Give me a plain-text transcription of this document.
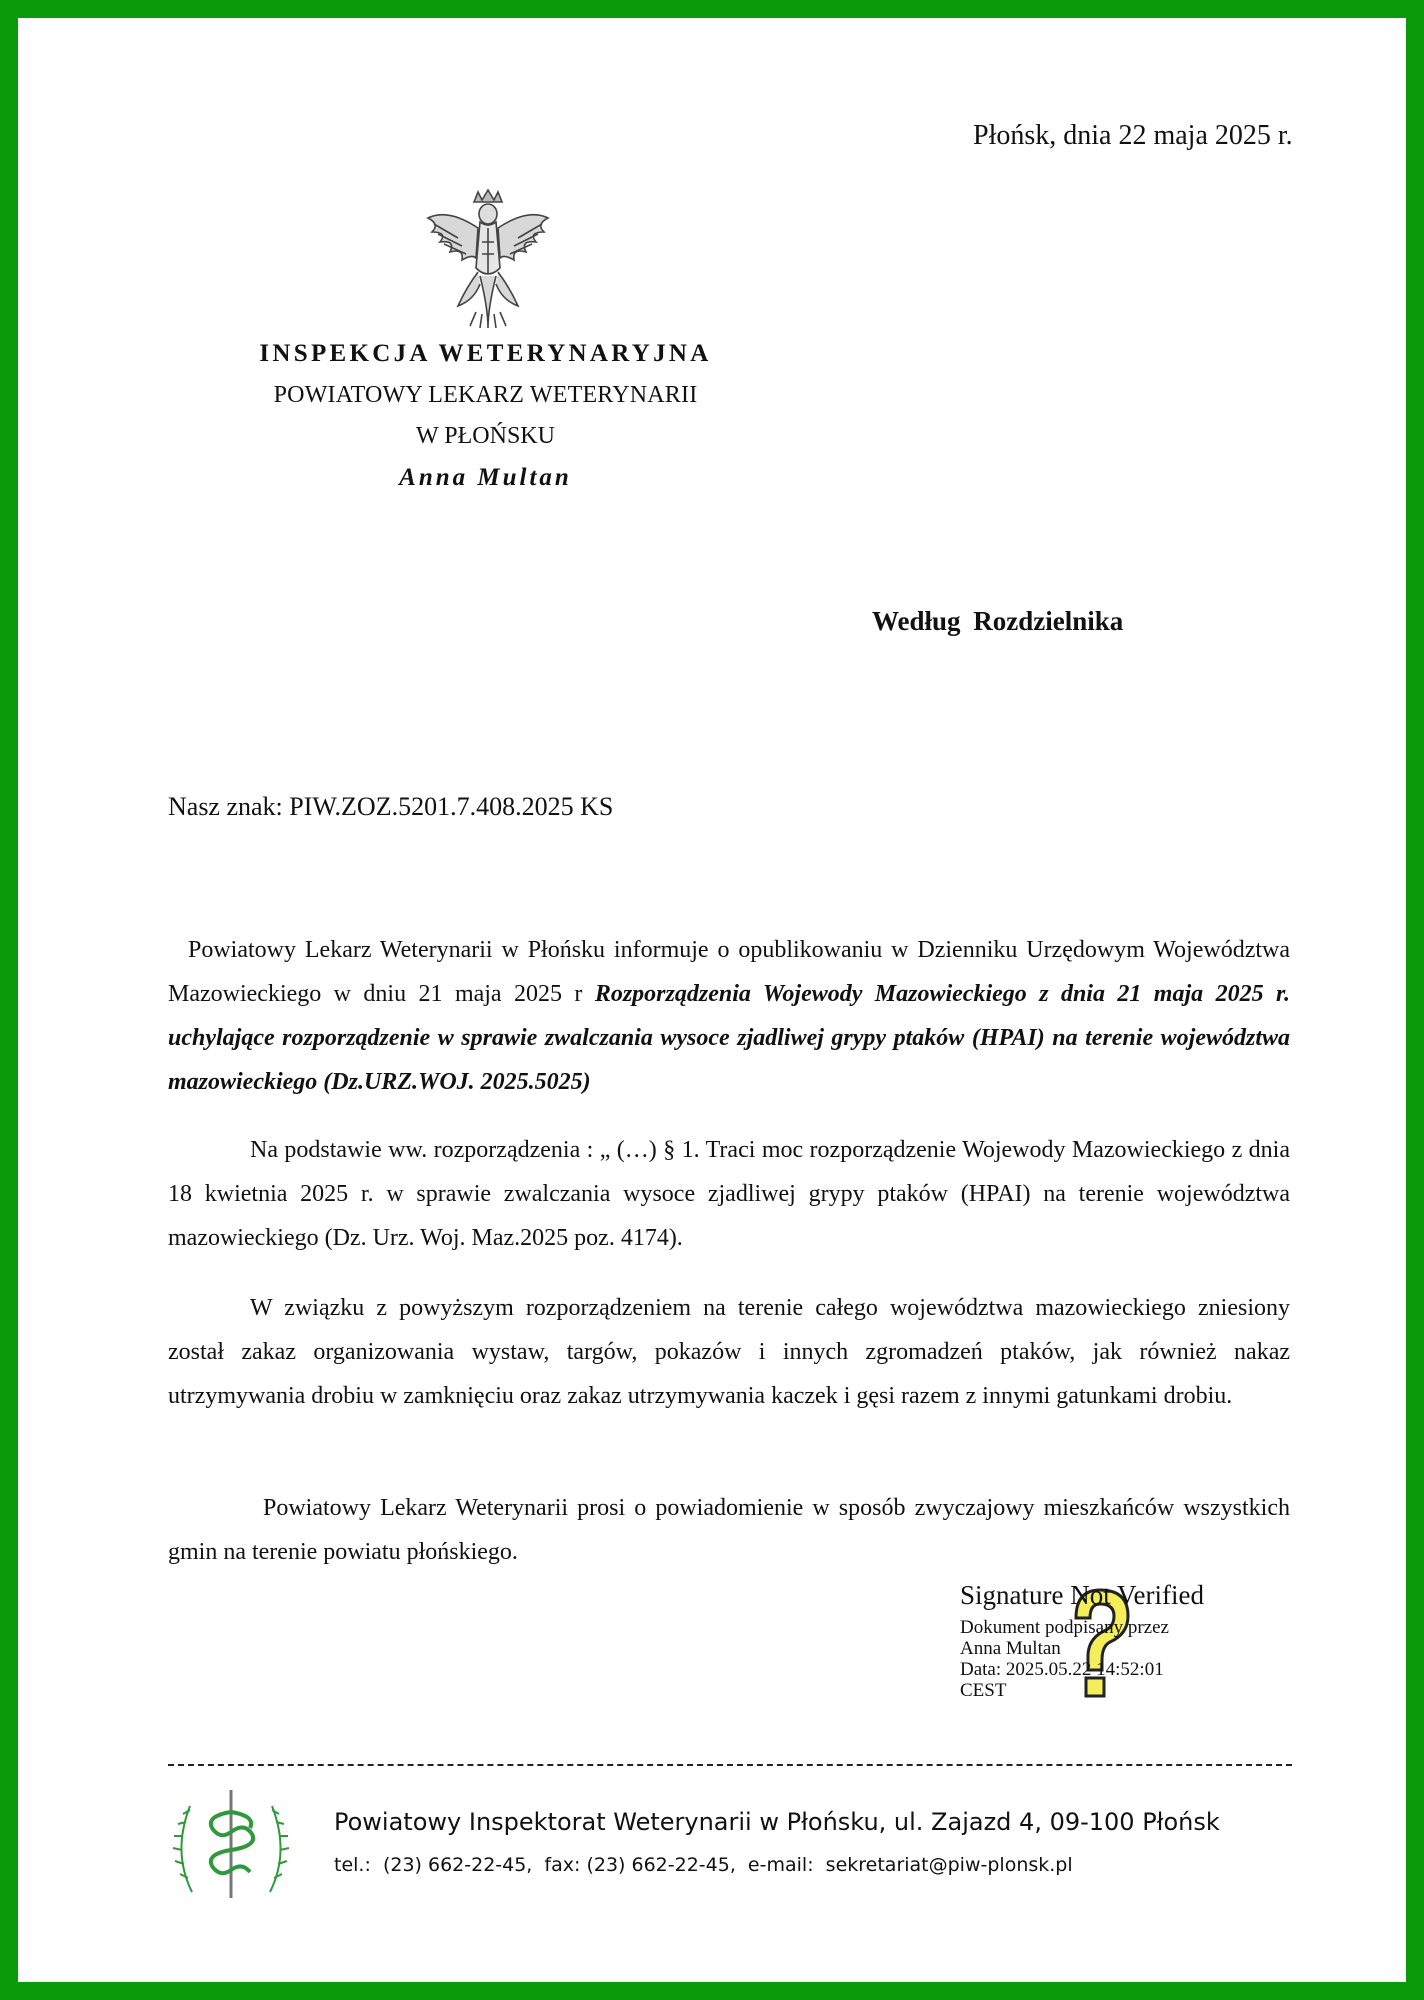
Płońsk, dnia 22 maja 2025 r.
INSPEKCJA WETERYNARYJNA
POWIATOWY LEKARZ WETERYNARII
W PŁOŃSKU
Anna Multan
Według Rozdzielnika
Nasz znak: PIW.ZOZ.5201.7.408.2025 KS
Powiatowy Lekarz Weterynarii w Płońsku informuje o opublikowaniu w Dzienniku Urzędowym Województwa Mazowieckiego w dniu 21 maja 2025 r Rozporządzenia Wojewody Mazowieckiego z dnia 21 maja 2025 r. uchylające rozporządzenie w sprawie zwalczania wysoce zjadliwej grypy ptaków (HPAI) na terenie województwa mazowieckiego (Dz.URZ.WOJ. 2025.5025)
Na podstawie ww. rozporządzenia : „ (…) § 1. Traci moc rozporządzenie Wojewody Mazowieckiego z dnia 18 kwietnia 2025 r. w sprawie zwalczania wysoce zjadliwej grypy ptaków (HPAI) na terenie województwa mazowieckiego (Dz. Urz. Woj. Maz.2025 poz. 4174).
W związku z powyższym rozporządzeniem na terenie całego województwa mazowieckiego zniesiony został zakaz organizowania wystaw, targów, pokazów i innych zgromadzeń ptaków, jak również nakaz utrzymywania drobiu w zamknięciu oraz zakaz utrzymywania kaczek i gęsi razem z innymi gatunkami drobiu.
Powiatowy Lekarz Weterynarii prosi o powiadomienie w sposób zwyczajowy mieszkańców wszystkich gmin na terenie powiatu płońskiego.
Signature Not Verified
Dokument podpisany przez
Anna Multan
Data: 2025.05.22 14:52:01
CEST
Powiatowy Inspektorat Weterynarii w Płońsku, ul. Zajazd 4, 09-100 Płońsk
tel.:  (23) 662-22-45,  fax: (23) 662-22-45,  e-mail:  sekretariat@piw-plonsk.pl
